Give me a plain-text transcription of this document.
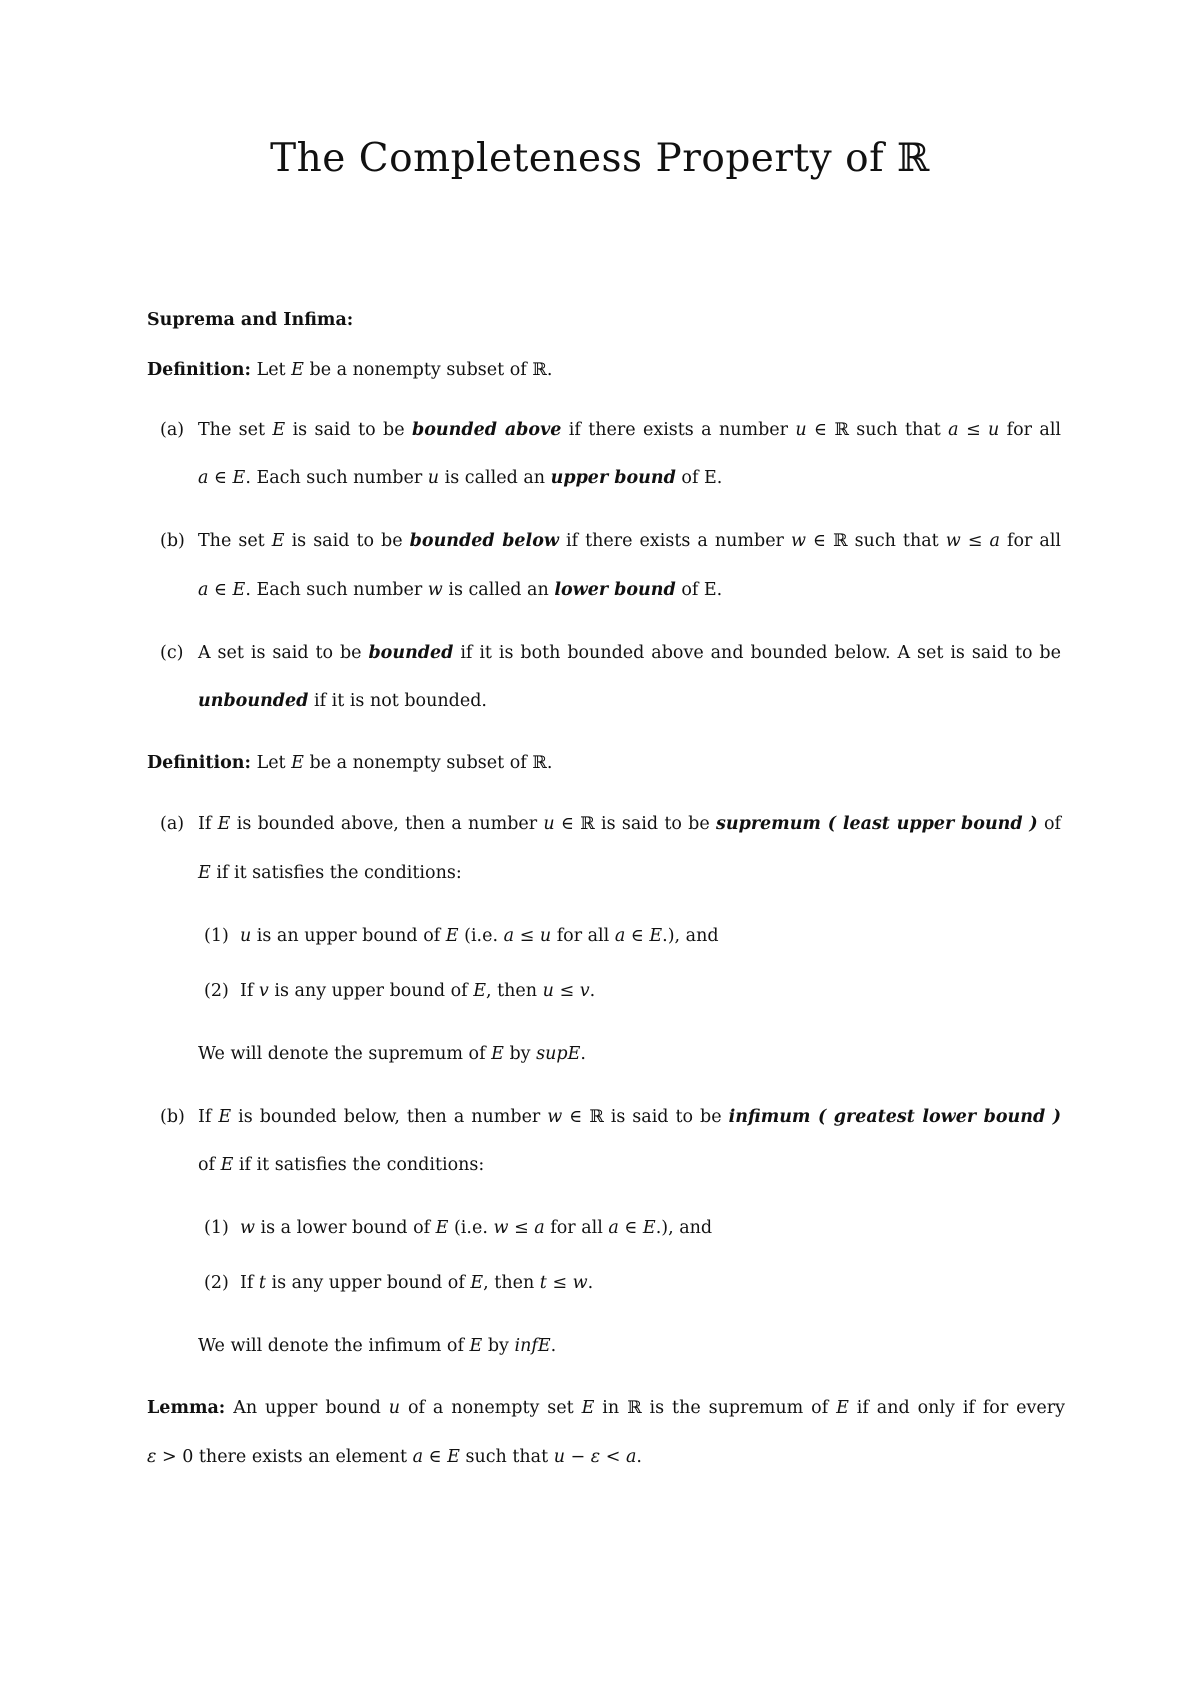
The Completeness Property of ℝ
Suprema and Infima:
Definition: Let E be a nonempty subset of ℝ.
(a) The set E is said to be bounded above if there exists a number u ∈ ℝ such that a ≤ u for all
a ∈ E. Each such number u is called an upper bound of E.
(b) The set E is said to be bounded below if there exists a number w ∈ ℝ such that w ≤ a for all
a ∈ E. Each such number w is called an lower bound of E.
(c) A set is said to be bounded if it is both bounded above and bounded below. A set is said to be
unbounded if it is not bounded.
Definition: Let E be a nonempty subset of ℝ.
(a) If E is bounded above, then a number u ∈ ℝ is said to be supremum ( least upper bound ) of
E if it satisfies the conditions:
(1) u is an upper bound of E (i.e. a ≤ u for all a ∈ E.), and
(2) If v is any upper bound of E, then u ≤ v.
We will denote the supremum of E by supE.
(b) If E is bounded below, then a number w ∈ ℝ is said to be infimum ( greatest lower bound )
of E if it satisfies the conditions:
(1) w is a lower bound of E (i.e. w ≤ a for all a ∈ E.), and
(2) If t is any upper bound of E, then t ≤ w.
We will denote the infimum of E by infE.
Lemma: An upper bound u of a nonempty set E in ℝ is the supremum of E if and only if for every
ε > 0 there exists an element a ∈ E such that u − ε < a.
